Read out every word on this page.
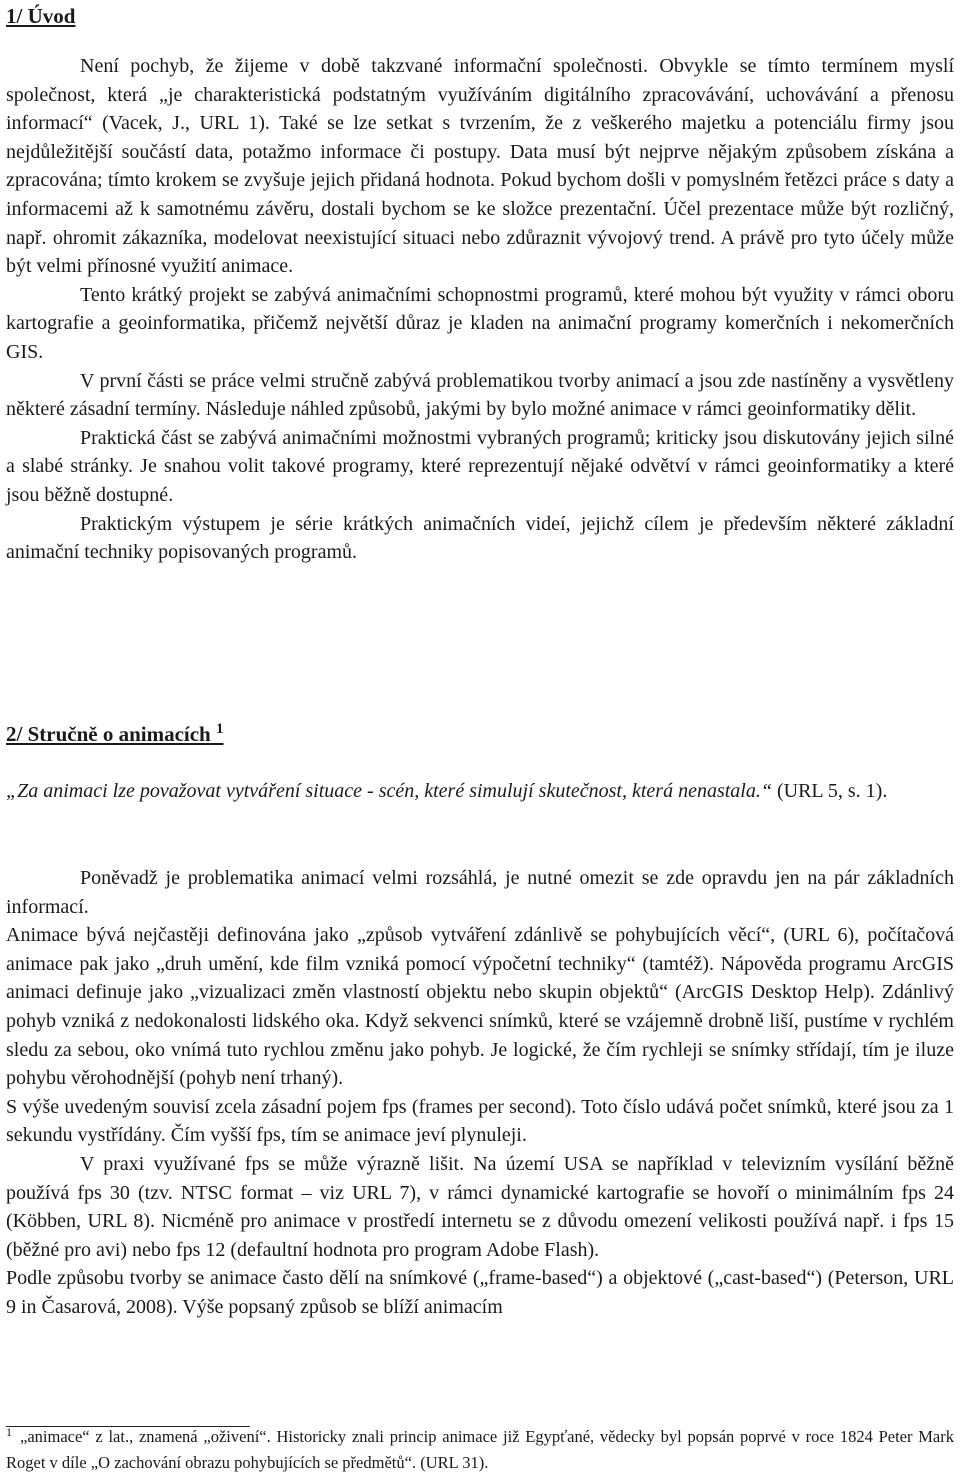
1/ Úvod

Není pochyb, že žijeme v době takzvané informační společnosti. Obvykle se tímto termínem myslí společnost, která „je charakteristická podstatným využíváním digitálního zpracovávání, uchovávání a přenosu informací“ (Vacek, J., URL 1). Také se lze setkat s tvrzením, že z veškerého majetku a potenciálu firmy jsou nejdůležitější součástí data, potažmo informace či postupy. Data musí být nejprve nějakým způsobem získána a zpracována; tímto krokem se zvyšuje jejich přidaná hodnota. Pokud bychom došli v pomyslném řetězci práce s daty a informacemi až k samotnému závěru, dostali bychom se ke složce prezentační. Účel prezentace může být rozličný, např. ohromit zákazníka, modelovat neexistující situaci nebo zdůraznit vývojový trend. A právě pro tyto účely může být velmi přínosné využití animace.

Tento krátký projekt se zabývá animačními schopnostmi programů, které mohou být využity v rámci oboru kartografie a geoinformatika, přičemž největší důraz je kladen na animační programy komerčních i nekomerčních GIS.

V první části se práce velmi stručně zabývá problematikou tvorby animací a jsou zde nastíněny a vysvětleny některé zásadní termíny. Následuje náhled způsobů, jakými by bylo možné animace v rámci geoinformatiky dělit.

Praktická část se zabývá animačními možnostmi vybraných programů; kriticky jsou diskutovány jejich silné a slabé stránky. Je snahou volit takové programy, které reprezentují nějaké odvětví v rámci geoinformatiky a které jsou běžně dostupné.

Praktickým výstupem je série krátkých animačních videí, jejichž cílem je především některé základní animační techniky popisovaných programů.

2/ Stručně o animacích $^1$

„Za animaci lze považovat vytváření situace - scén, které simulují skutečnost, která nenastala.“ (URL 5, s. 1).

Poněvadž je problematika animací velmi rozsáhlá, je nutné omezit se zde opravdu jen na pár základních informací.

Animace bývá nejčastěji definována jako „způsob vytváření zdánlivě se pohybujících věcí“, (URL 6), počítačová animace pak jako „druh umění, kde film vzniká pomocí výpočetní techniky“ (tamtéž). Nápověda programu ArcGIS animaci definuje jako „vizualizaci změn vlastností objektu nebo skupin objektů“ (ArcGIS Desktop Help). Zdánlivý pohyb vzniká z nedokonalosti lidského oka. Když sekvenci snímků, které se vzájemně drobně liší, pustíme v rychlém sledu za sebou, oko vnímá tuto rychlou změnu jako pohyb. Je logické, že čím rychleji se snímky střídají, tím je iluze pohybu věrohodnější (pohyb není trhaný).

S výše uvedeným souvisí zcela zásadní pojem fps (frames per second). Toto číslo udává počet snímků, které jsou za 1 sekundu vystřídány. Čím vyšší fps, tím se animace jeví plynuleji.

V praxi využívané fps se může výrazně lišit. Na území USA se například v televizním vysílání běžně používá fps 30 (tzv. NTSC format – viz URL 7), v rámci dynamické kartografie se hovoří o minimálním fps 24 (Köbben, URL 8). Nicméně pro animace v prostředí internetu se z důvodu omezení velikosti používá např. i fps 15 (běžné pro avi) nebo fps 12 (defaultní hodnota pro program Adobe Flash).

Podle způsobu tvorby se animace často dělí na snímkové („frame-based“) a objektové („cast-based“) (Peterson, URL 9 in Časarová, 2008). Výše popsaný způsob se blíží animacím

$^1$ „animace“ z lat., znamená „oživení“. Historicky znali princip animace již Egypťané, vědecky byl popsán poprvé v roce 1824 Peter Mark Roget v díle „O zachování obrazu pohybujících se předmětů“. (URL 31).
